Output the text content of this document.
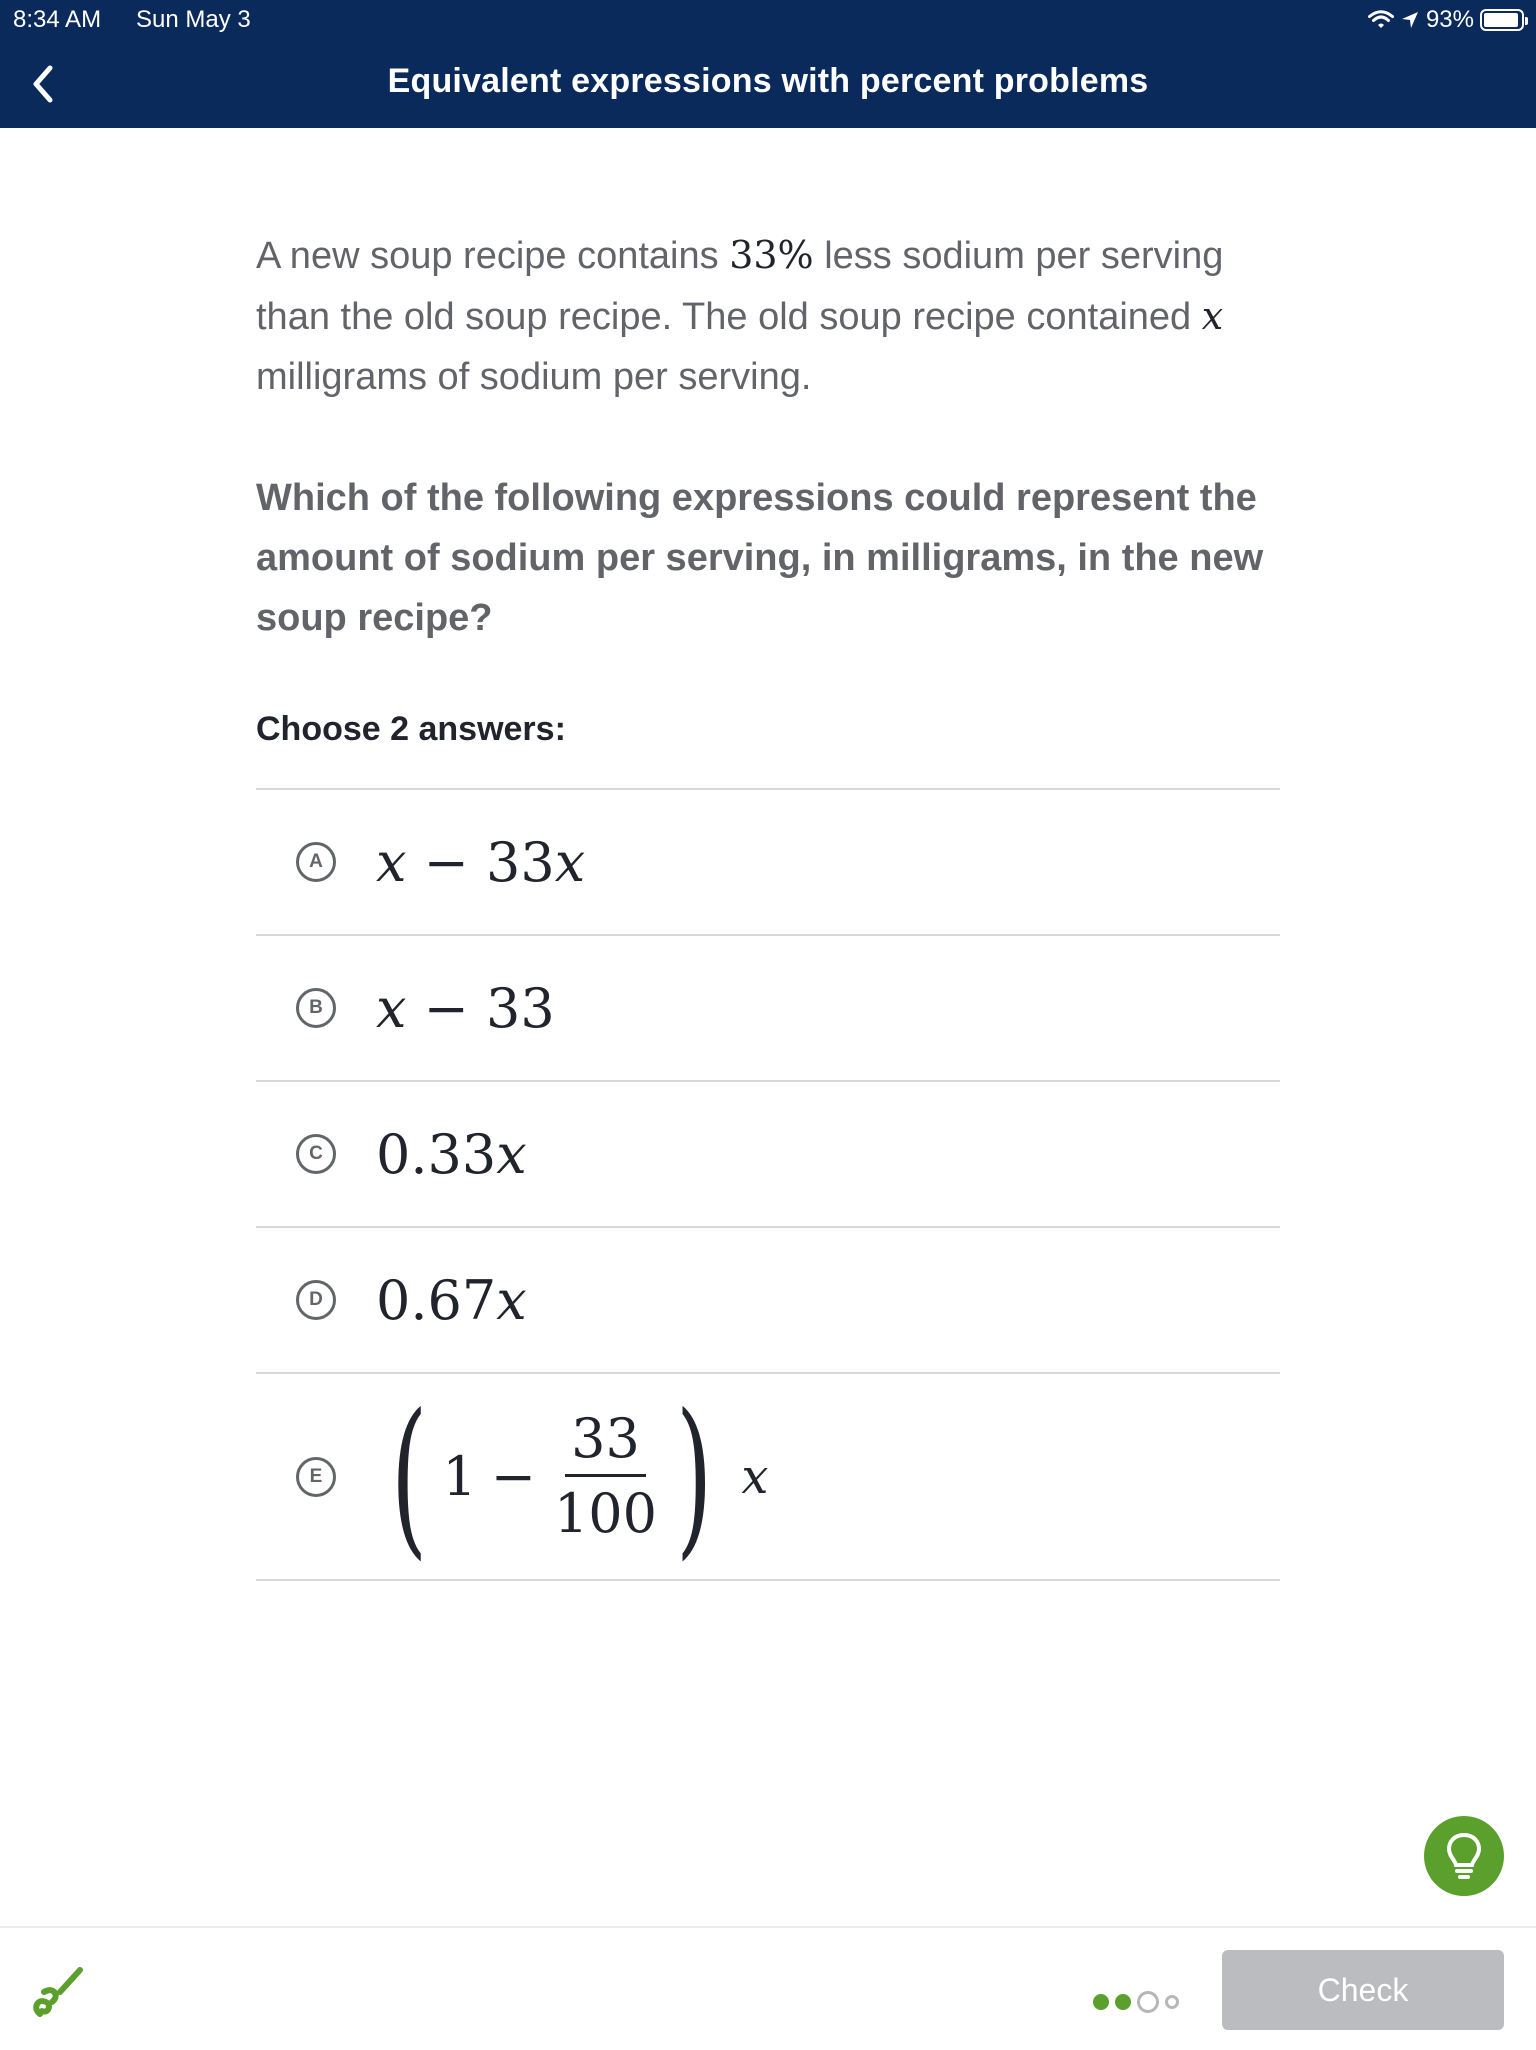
8:34 AM Sun May 3	93%
Equivalent expressions with percent problems
A new soup recipe contains 33% less sodium per serving than the old soup recipe. The old soup recipe contained x milligrams of sodium per serving.
Which of the following expressions could represent the amount of sodium per serving, in milligrams, in the new soup recipe?
Choose 2 answers:
A x − 33x
B x − 33
C 0.33x
D 0.67x
E ( $1 - \frac{33}{100}$ ) x
Check
